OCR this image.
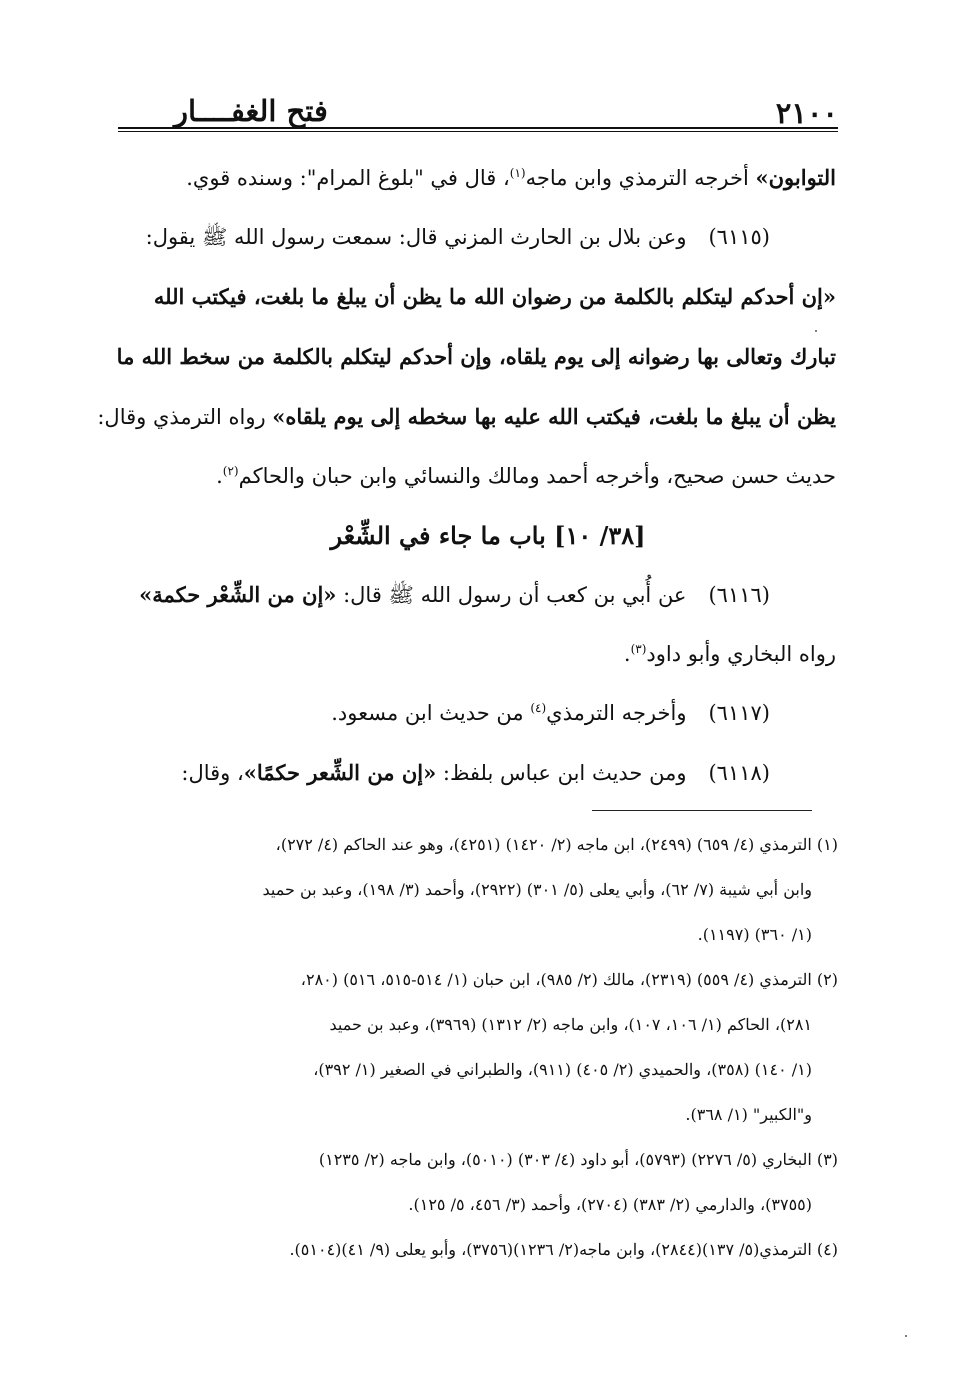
٢١٠٠
فتح الغفــــار
التوابون» أخرجه الترمذي وابن ماجه$^{(١)}$، قال في "بلوغ المرام": وسنده قوي.
(٦١١٥)وعن بلال بن الحارث المزني قال: سمعت رسول الله ﷺ يقول:
«إن أحدكم ليتكلم بالكلمة من رضوان الله ما يظن أن يبلغ ما بلغت، فيكتب الله
تبارك وتعالى بها رضوانه إلى يوم يلقاه، وإن أحدكم ليتكلم بالكلمة من سخط الله ما
يظن أن يبلغ ما بلغت، فيكتب الله عليه بها سخطه إلى يوم يلقاه» رواه الترمذي وقال:
حديث حسن صحيح، وأخرجه أحمد ومالك والنسائي وابن حبان والحاكم$^{(٢)}$.
[٣٨/ ١٠] باب ما جاء في الشِّعْر
(٦١١٦)عن أُبي بن كعب أن رسول الله ﷺ قال: «إن من الشِّعْر حكمة»
رواه البخاري وأبو داود$^{(٣)}$.
(٦١١٧)وأخرجه الترمذي$^{(٤)}$ من حديث ابن مسعود.
(٦١١٨)ومن حديث ابن عباس بلفظ: «إن من الشِّعر حكمًا»، وقال:
(١) الترمذي (٤/ ٦٥٩) (٢٤٩٩)، ابن ماجه (٢/ ١٤٢٠) (٤٢٥١)، وهو عند الحاكم (٤/ ٢٧٢)،
وابن أبي شيبة (٧/ ٦٢)، وأبي يعلى (٥/ ٣٠١) (٢٩٢٢)، وأحمد (٣/ ١٩٨)، وعبد بن حميد
(١/ ٣٦٠) (١١٩٧).
(٢) الترمذي (٤/ ٥٥٩) (٢٣١٩)، مالك (٢/ ٩٨٥)، ابن حبان (١/ ٥١٤-٥١٥، ٥١٦) (٢٨٠،
٢٨١)، الحاكم (١/ ١٠٦، ١٠٧)، وابن ماجه (٢/ ١٣١٢) (٣٩٦٩)، وعبد بن حميد
(١/ ١٤٠) (٣٥٨)، والحميدي (٢/ ٤٠٥) (٩١١)، والطبراني في الصغير (١/ ٣٩٢)،
و"الكبير" (١/ ٣٦٨).
(٣) البخاري (٥/ ٢٢٧٦) (٥٧٩٣)، أبو داود (٤/ ٣٠٣) (٥٠١٠)، وابن ماجه (٢/ ١٢٣٥)
(٣٧٥٥)، والدارمي (٢/ ٣٨٣) (٢٧٠٤)، وأحمد (٣/ ٤٥٦، ٥/ ١٢٥).
(٤) الترمذي(٥/ ١٣٧)(٢٨٤٤)، وابن ماجه(٢/ ١٢٣٦)(٣٧٥٦)، وأبو يعلى (٩/ ٤١)(٥١٠٤).
